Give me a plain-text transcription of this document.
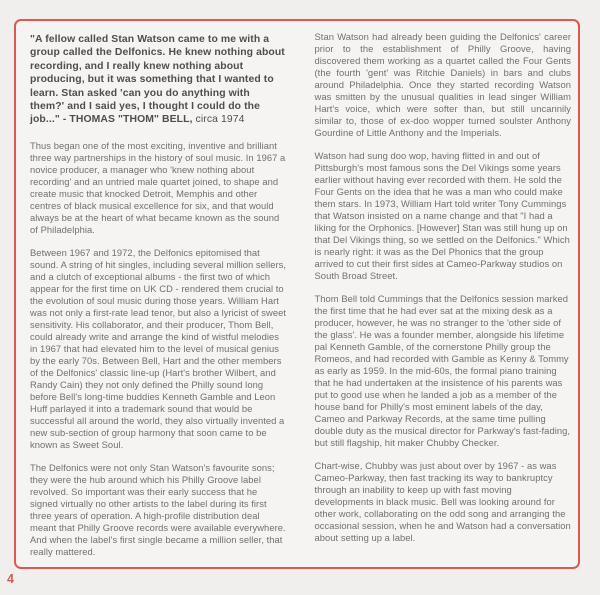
"A fellow called Stan Watson came to me with a group called the Delfonics. He knew nothing about recording, and I really knew nothing about producing, but it was something that I wanted to learn. Stan asked 'can you do anything with them?' and I said yes, I thought I could do the job..." - THOMAS "THOM" BELL, circa 1974

Thus began one of the most exciting, inventive and brilliant three way partnerships in the history of soul music. In 1967 a novice producer, a manager who 'knew nothing about recording' and an untried male quartet joined, to shape and create music that knocked Detroit, Memphis and other centres of black musical excellence for six, and that would always be at the heart of what became known as the sound of Philadelphia.

Between 1967 and 1972, the Delfonics epitomised that sound. A string of hit singles, including several million sellers, and a clutch of exceptional albums - the first two of which appear for the first time on UK CD - rendered them crucial to the evolution of soul music during those years. William Hart was not only a first-rate lead tenor, but also a lyricist of sweet sensitivity. His collaborator, and their producer, Thom Bell, could already write and arrange the kind of wistful melodies in 1967 that had elevated him to the level of musical genius by the early 70s. Between Bell, Hart and the other members of the Delfonics' classic line-up (Hart's brother Wilbert, and Randy Cain) they not only defined the Philly sound long before Bell's long-time buddies Kenneth Gamble and Leon Huff parlayed it into a trademark sound that would be successful all around the world, they also virtually invented a new sub-section of group harmony that soon came to be known as Sweet Soul.

The Delfonics were not only Stan Watson's favourite sons; they were the hub around which his Philly Groove label revolved. So important was their early success that he signed virtually no other artists to the label during its first three years of operation. A high-profile distribution deal meant that Philly Groove records were available everywhere. And when the label's first single became a million seller, that really mattered.

Stan Watson had already been guiding the Delfonics' career prior to the establishment of Philly Groove, having discovered them working as a quartet called the Four Gents (the fourth 'gent' was Ritchie Daniels) in bars and clubs around Philadelphia. Once they started recording Watson was smitten by the unusual qualities in lead singer William Hart's voice, which were softer than, but still uncannily similar to, those of ex-doo wopper turned soulster Anthony Gourdine of Little Anthony and the Imperials.

Watson had sung doo wop, having flitted in and out of Pittsburgh's most famous sons the Del Vikings some years earlier without having ever recorded with them. He sold the Four Gents on the idea that he was a man who could make them stars. In 1973, William Hart told writer Tony Cummings that Watson insisted on a name change and that "I had a liking for the Orphonics. [However] Stan was still hung up on that Del Vikings thing, so we settled on the Delfonics." Which is nearly right: it was as the Del Phonics that the group arrived to cut their first sides at Cameo-Parkway studios on South Broad Street.

Thom Bell told Cummings that the Delfonics session marked the first time that he had ever sat at the mixing desk as a producer, however, he was no stranger to the 'other side of the glass'. He was a founder member, alongside his lifetime pal Kenneth Gamble, of the cornerstone Philly group the Romeos, and had recorded with Gamble as Kenny & Tommy as early as 1959. In the mid-60s, the formal piano training that he had undertaken at the insistence of his parents was put to good use when he landed a job as a member of the house band for Philly's most eminent labels of the day, Cameo and Parkway Records, at the same time pulling double duty as the musical director for Parkway's fast-fading, but still flagship, hit maker Chubby Checker.

Chart-wise, Chubby was just about over by 1967 - as was Cameo-Parkway, then fast tracking its way to bankruptcy through an inability to keep up with fast moving developments in black music. Bell was looking around for other work, collaborating on the odd song and arranging the occasional session, when he and Watson had a conversation about setting up a label.

4
